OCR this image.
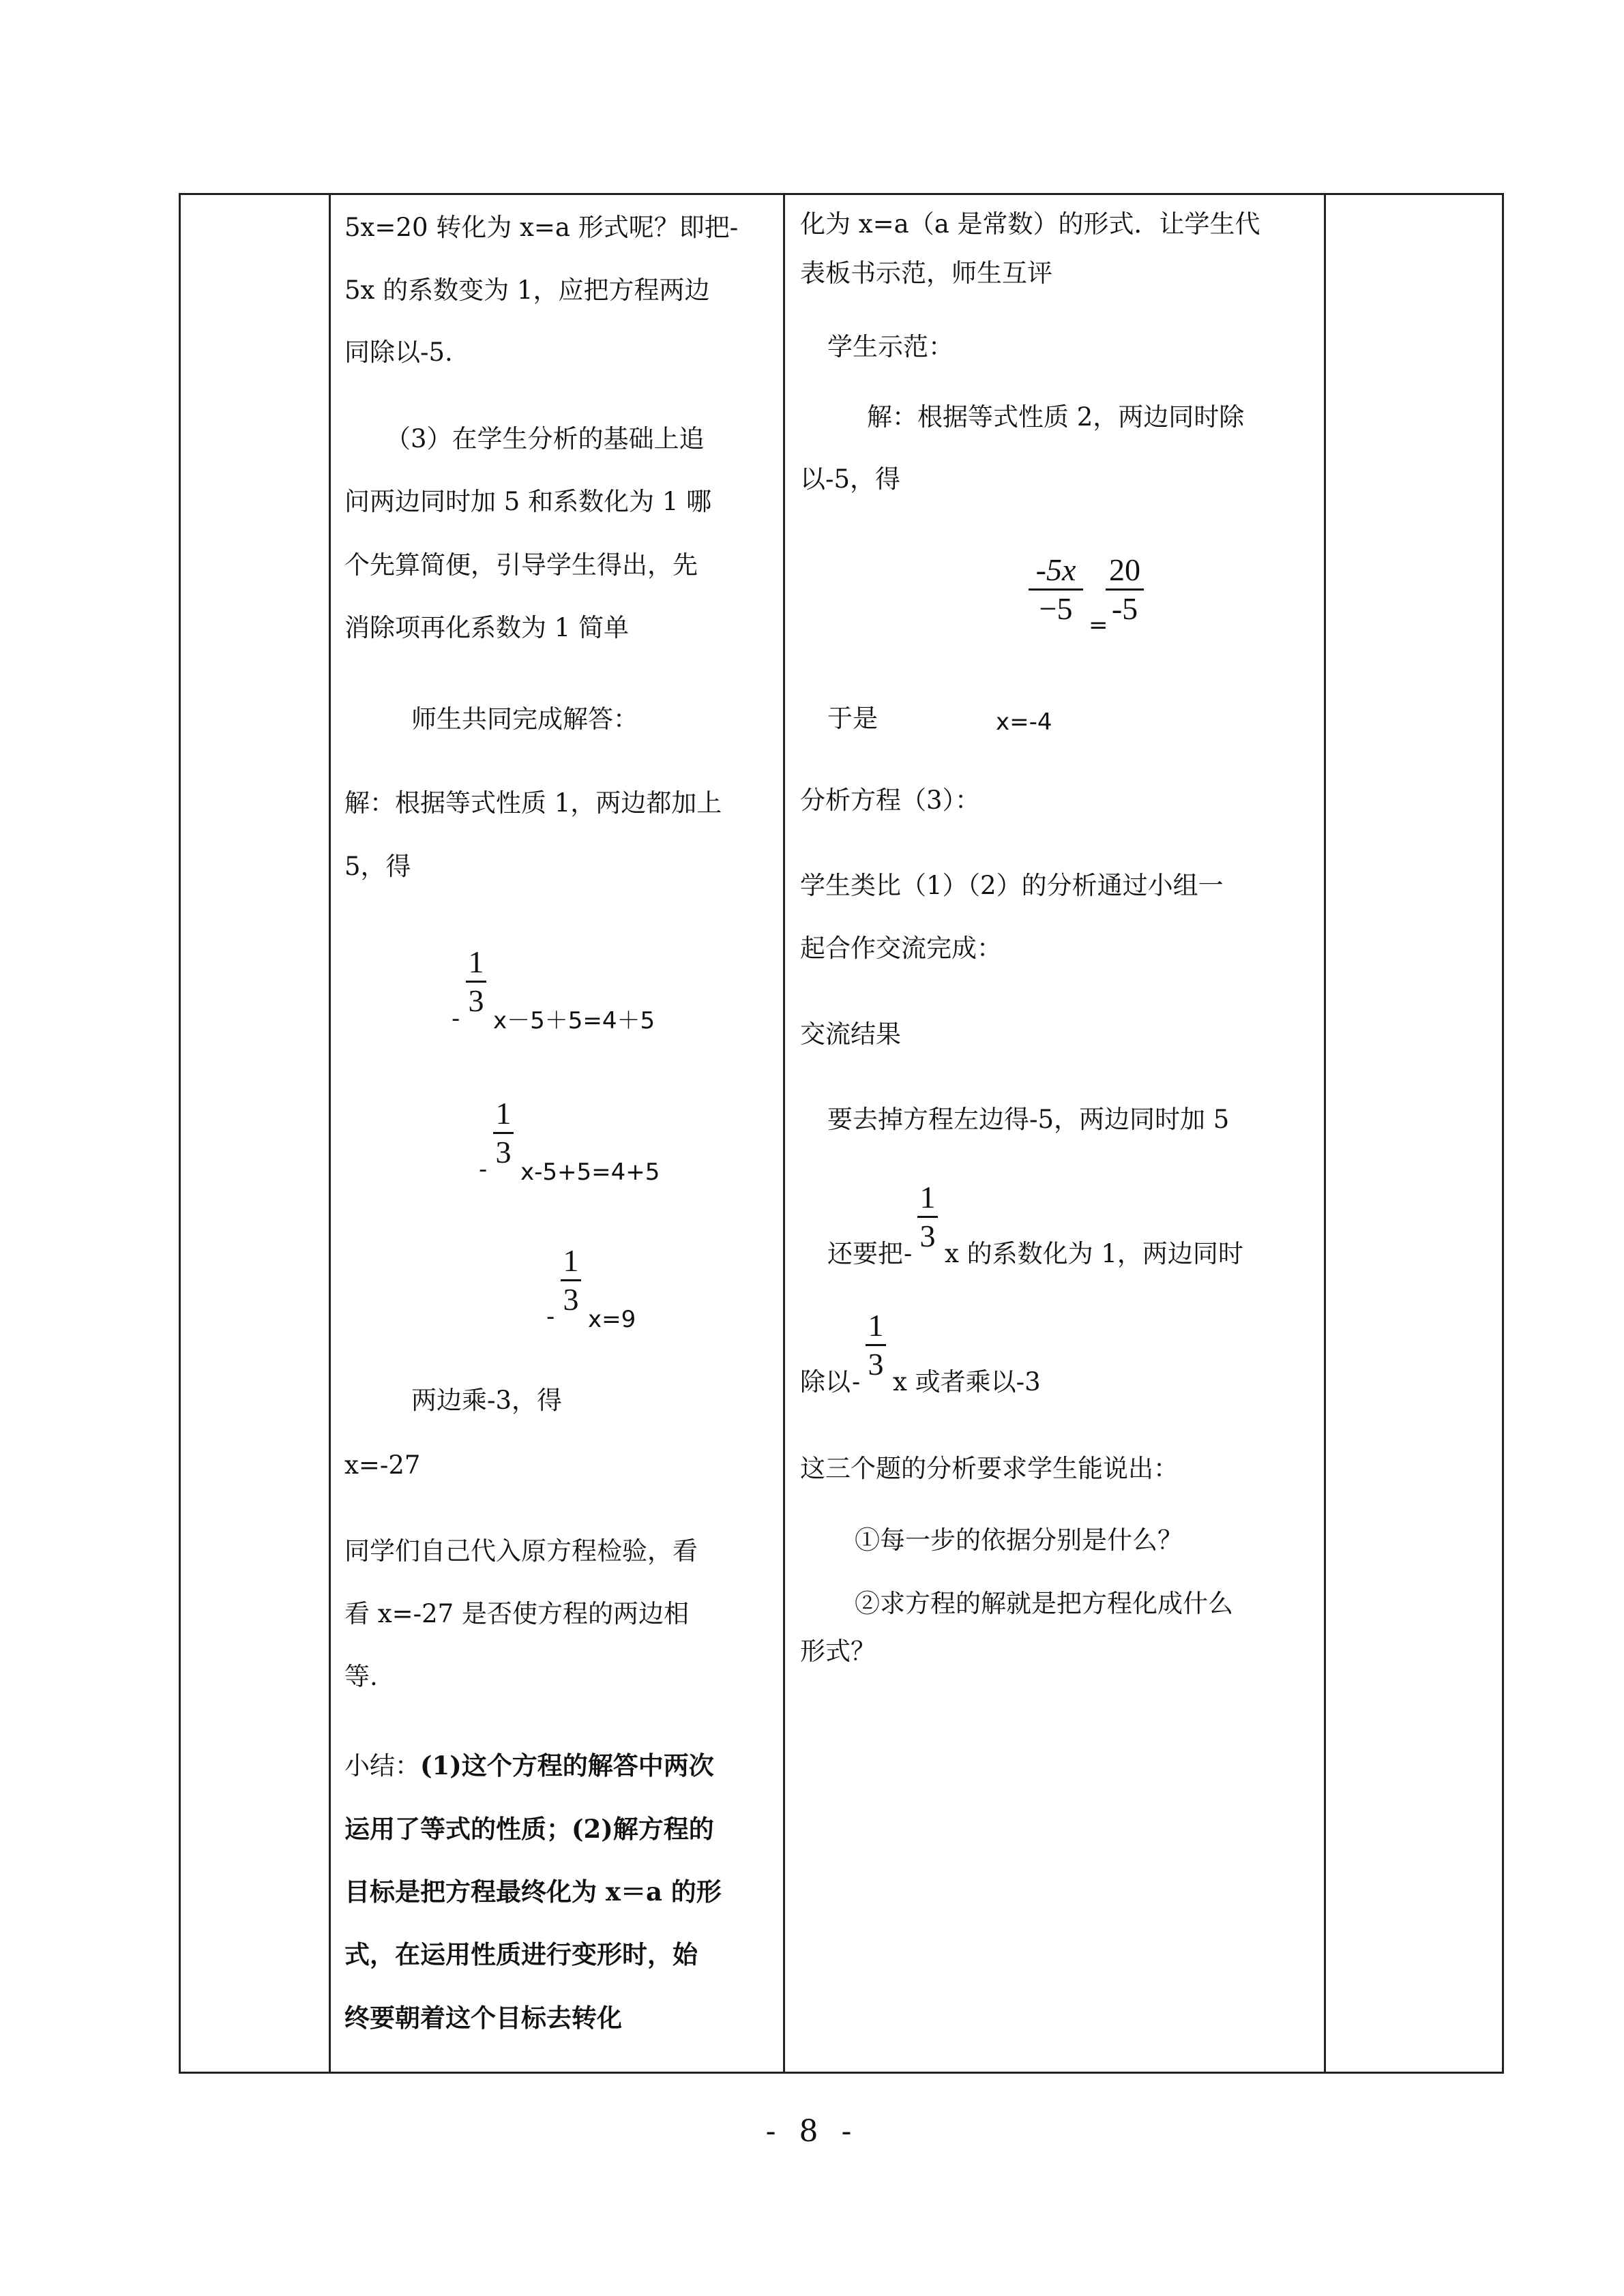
5x=20 转化为 x=a 形式呢？即把-

5x 的系数变为 1，应把方程两边

同除以-5.

（3）在学生分析的基础上追

问两边同时加 5 和系数化为 1 哪

个先算简便，引导学生得出，先

消除项再化系数为 1 简单

师生共同完成解答：

解：根据等式性质 1，两边都加上

5，得

-
1
3
x－5＋5=4＋5
-
1
3
x-5+5=4+5
-
1
3
x=9

两边乘-3，得

x=-27

同学们自己代入原方程检验，看

看 x=-27 是否使方程的两边相

等.

小结：(1)这个方程的解答中两次

运用了等式的性质；(2)解方程的

目标是把方程最终化为 x＝a 的形

式，在运用性质进行变形时，始

终要朝着这个目标去转化

化为 x=a（a 是常数）的形式．让学生代

表板书示范，师生互评

学生示范：

解：根据等式性质 2，两边同时除

以-5，得

-5x
−5 =
20
-5

于是	x=-4

分析方程（3）：

学生类比（1）（2）的分析通过小组一

起合作交流完成：

交流结果

要去掉方程左边得-5，两边同时加 5

还要把 -
1
3

x 的系数化为 1，两边同时

除以 -
1
3

x 或者乘以-3

这三个题的分析要求学生能说出：

①每一步的依据分别是什么？

②求方程的解就是把方程化成什么

形式？

- 8 -
